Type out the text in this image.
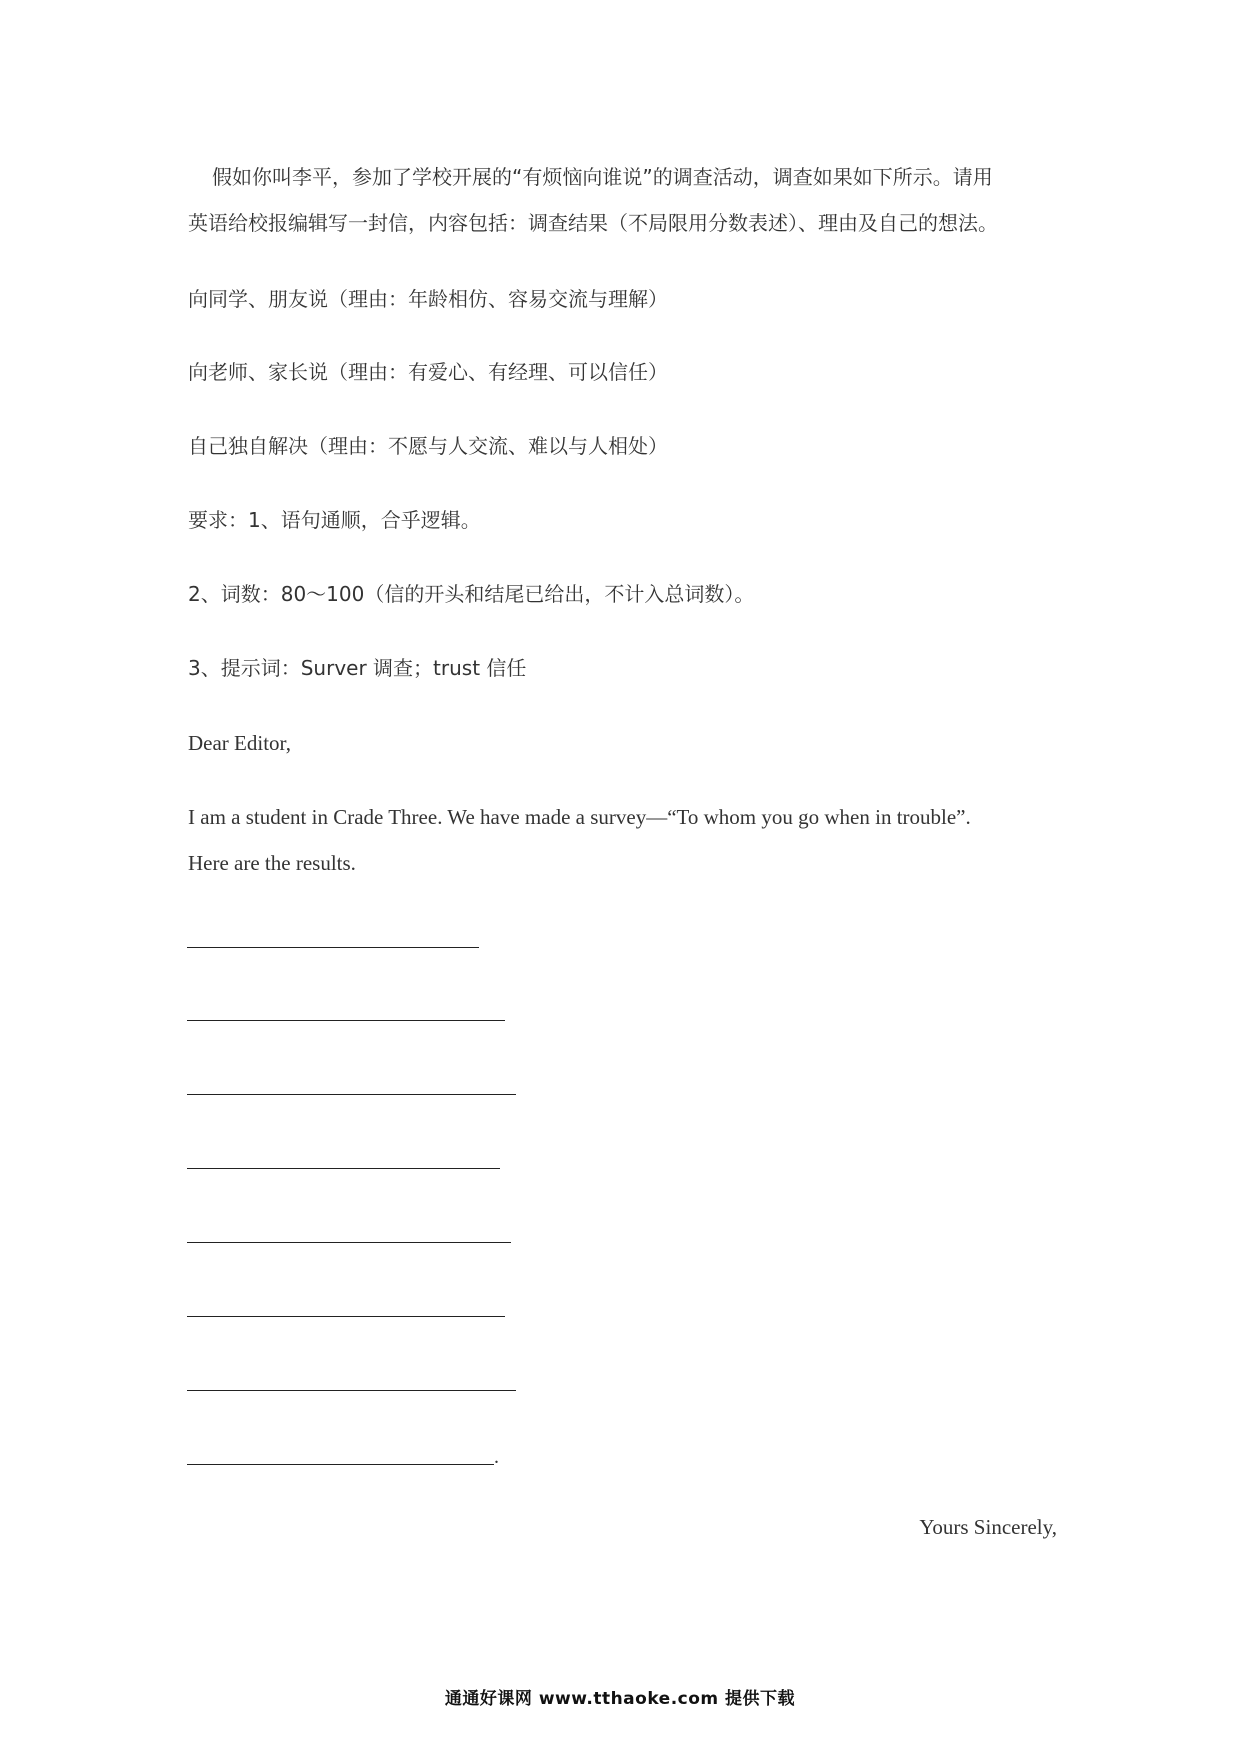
假如你叫李平，参加了学校开展的“有烦恼向谁说”的调查活动，调查如果如下所示。请用
英语给校报编辑写一封信，内容包括：调查结果（不局限用分数表述）、理由及自己的想法。
向同学、朋友说（理由：年龄相仿、容易交流与理解）
向老师、家长说（理由：有爱心、有经理、可以信任）
自己独自解决（理由：不愿与人交流、难以与人相处）
要求：1、语句通顺，合乎逻辑。
2、词数：80～100（信的开头和结尾已给出，不计入总词数）。
3、提示词：Surver 调查；trust 信任
Dear Editor,
I am a student in Crade Three. We have made a survey—“To whom you go when in trouble”.
Here are the results.
.
Yours Sincerely,
通通好课网 www.tthaoke.com 提供下载
